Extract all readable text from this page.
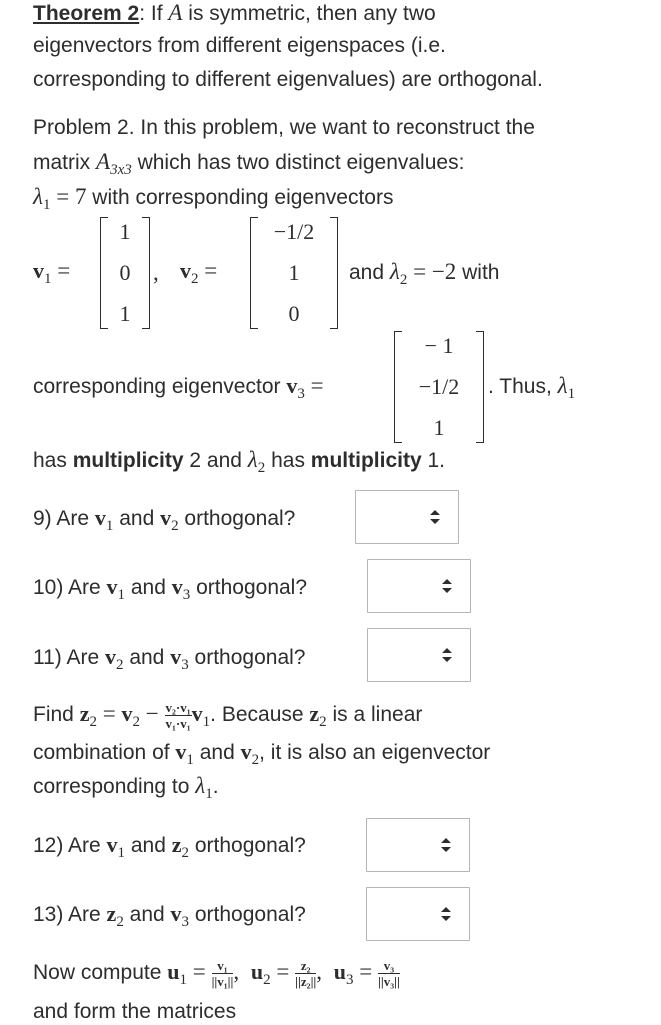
Theorem 2: If A is symmetric, then any two
eigenvectors from different eigenspaces (i.e.
corresponding to different eigenvalues) are orthogonal.
Problem 2. In this problem, we want to reconstruct the
matrix $A_{3x3}$ which has two distinct eigenvalues:
$\lambda_1 = 7$ with corresponding eigenvectors
$v_1$ =
1
0
1
, $v_2$ =
−1/2
1
0
and $\lambda_2 = -2$ with
corresponding eigenvector $v_3$ =
− 1
−1/2
1
. Thus, $\lambda_1$
has multiplicity 2 and $\lambda_2$ has multiplicity 1.
9) Are $v_1$ and $v_2$ orthogonal?
10) Are $v_1$ and $v_3$ orthogonal?
11) Are $v_2$ and $v_3$ orthogonal?
Find $z_2 = v_2 - \frac{\text{v₂·v₁}}{\text{v₁·v₁}} v_1$. Because $z_2$ is a linear
combination of $v_1$ and $v_2$, it is also an eigenvector
corresponding to $\lambda_1$.
12) Are $v_1$ and $z_2$ orthogonal?
13) Are $z_2$ and $v_3$ orthogonal?
Now compute $u_1 = \frac{\text{v₁}}{\text{||v₁||}}$ , $u_2 = \frac{\text{z₂}}{\text{||z₂||}}$ , $u_3 = \frac{\text{v₃}}{\text{||v₃||}}$
and form the matrices
